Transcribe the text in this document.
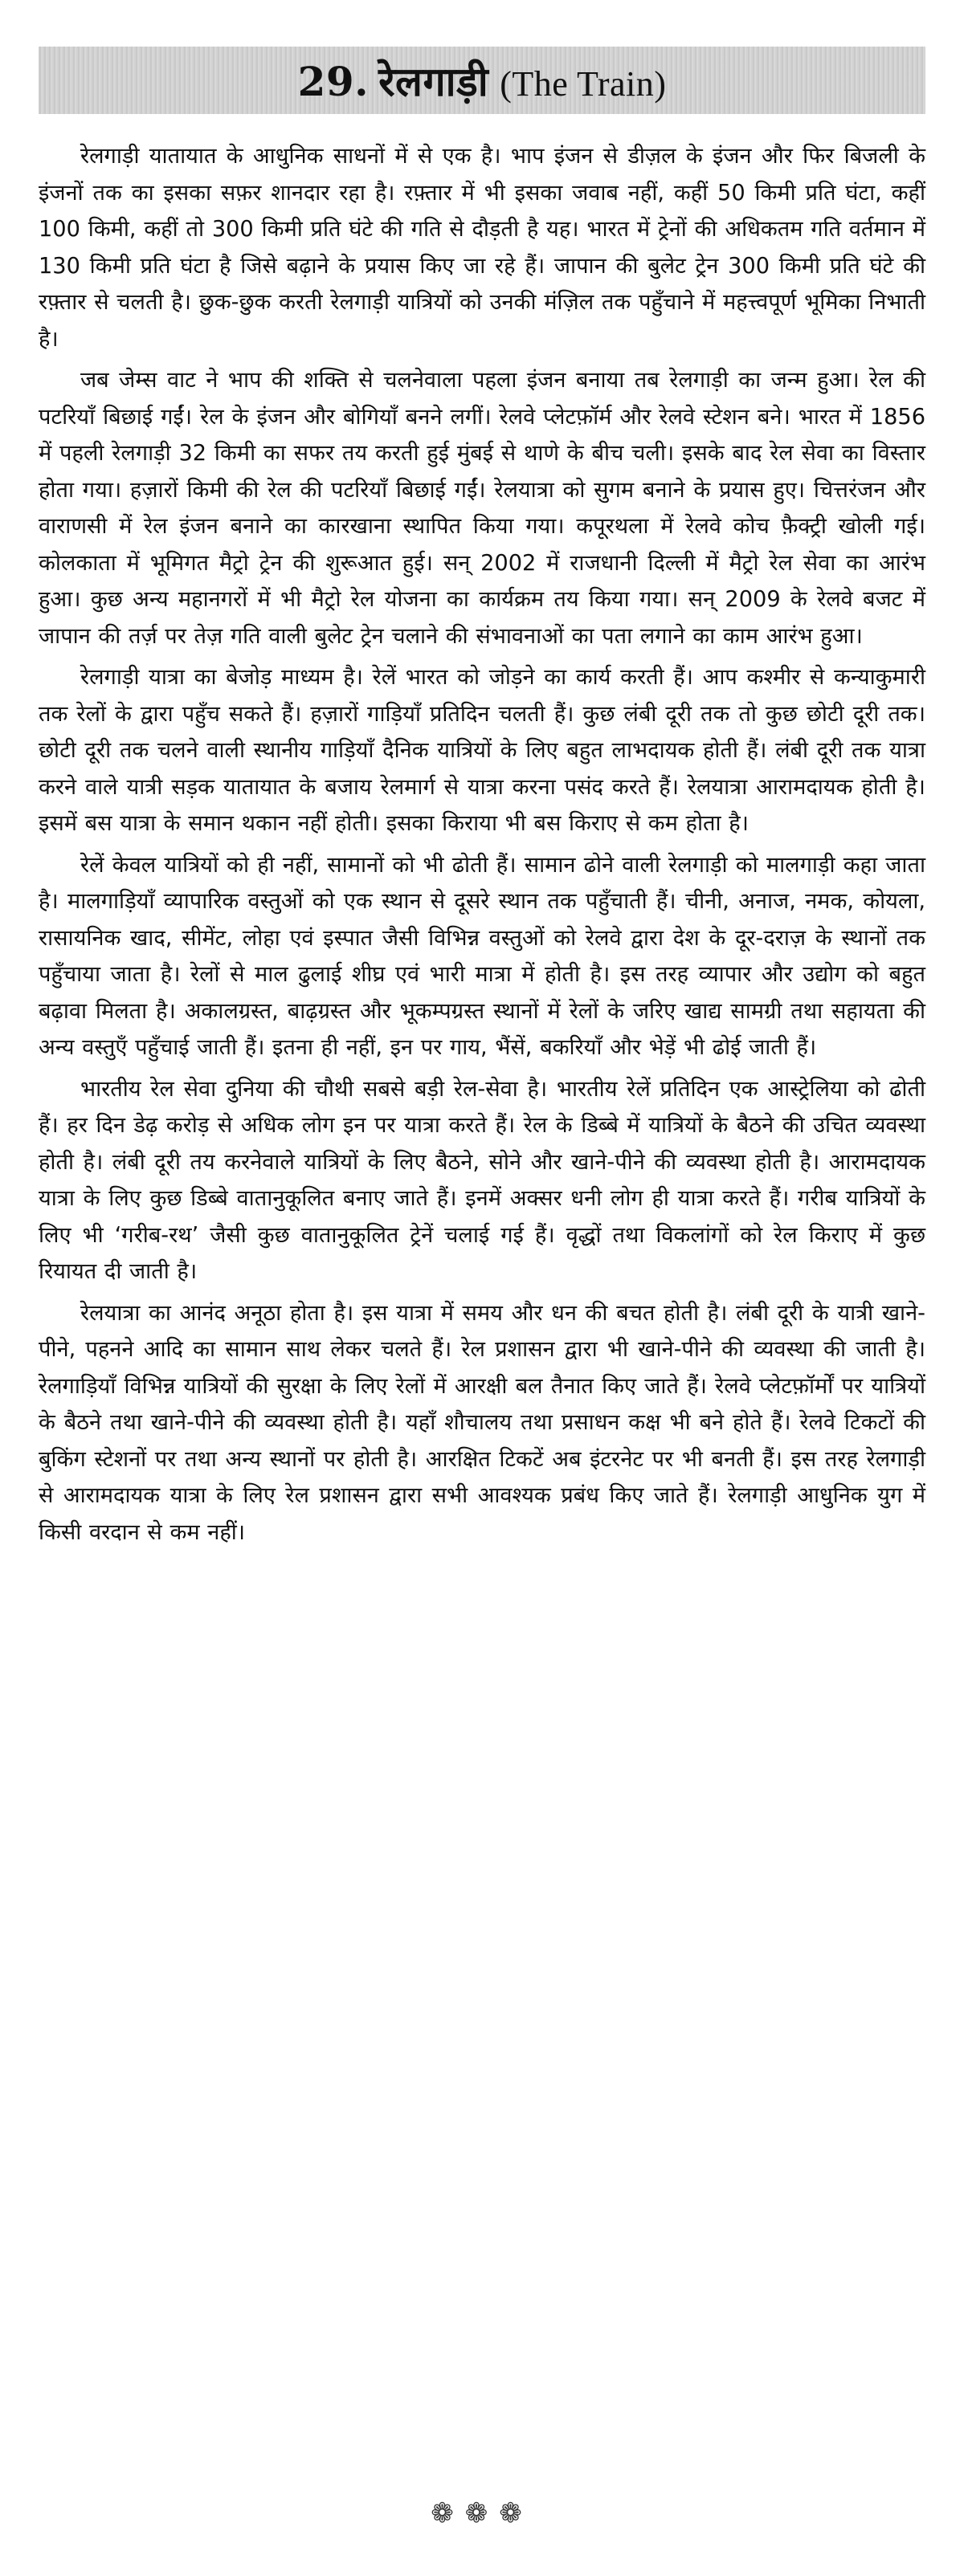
29. रेलगाड़ी (The Train)

रेलगाड़ी यातायात के आधुनिक साधनों में से एक है। भाप इंजन से डीज़ल के इंजन और फिर बिजली के इंजनों तक का इसका सफ़र शानदार रहा है। रफ़्तार में भी इसका जवाब नहीं, कहीं 50 किमी प्रति घंटा, कहीं 100 किमी, कहीं तो 300 किमी प्रति घंटे की गति से दौड़ती है यह। भारत में ट्रेनों की अधिकतम गति वर्तमान में 130 किमी प्रति घंटा है जिसे बढ़ाने के प्रयास किए जा रहे हैं। जापान की बुलेट ट्रेन 300 किमी प्रति घंटे की रफ़्तार से चलती है। छुक-छुक करती रेलगाड़ी यात्रियों को उनकी मंज़िल तक पहुँचाने में महत्त्वपूर्ण भूमिका निभाती है।

जब जेम्स वाट ने भाप की शक्ति से चलनेवाला पहला इंजन बनाया तब रेलगाड़ी का जन्म हुआ। रेल की पटरियाँ बिछाई गईं। रेल के इंजन और बोगियाँ बनने लगीं। रेलवे प्लेटफ़ॉर्म और रेलवे स्टेशन बने। भारत में 1856 में पहली रेलगाड़ी 32 किमी का सफर तय करती हुई मुंबई से थाणे के बीच चली। इसके बाद रेल सेवा का विस्तार होता गया। हज़ारों किमी की रेल की पटरियाँ बिछाई गईं। रेलयात्रा को सुगम बनाने के प्रयास हुए। चित्तरंजन और वाराणसी में रेल इंजन बनाने का कारखाना स्थापित किया गया। कपूरथला में रेलवे कोच फ़ैक्ट्री खोली गई। कोलकाता में भूमिगत मैट्रो ट्रेन की शुरूआत हुई। सन् 2002 में राजधानी दिल्ली में मैट्रो रेल सेवा का आरंभ हुआ। कुछ अन्य महानगरों में भी मैट्रो रेल योजना का कार्यक्रम तय किया गया। सन् 2009 के रेलवे बजट में जापान की तर्ज़ पर तेज़ गति वाली बुलेट ट्रेन चलाने की संभावनाओं का पता लगाने का काम आरंभ हुआ।

रेलगाड़ी यात्रा का बेजोड़ माध्यम है। रेलें भारत को जोड़ने का कार्य करती हैं। आप कश्मीर से कन्याकुमारी तक रेलों के द्वारा पहुँच सकते हैं। हज़ारों गाड़ियाँ प्रतिदिन चलती हैं। कुछ लंबी दूरी तक तो कुछ छोटी दूरी तक। छोटी दूरी तक चलने वाली स्थानीय गाड़ियाँ दैनिक यात्रियों के लिए बहुत लाभदायक होती हैं। लंबी दूरी तक यात्रा करने वाले यात्री सड़क यातायात के बजाय रेलमार्ग से यात्रा करना पसंद करते हैं। रेलयात्रा आरामदायक होती है। इसमें बस यात्रा के समान थकान नहीं होती। इसका किराया भी बस किराए से कम होता है।

रेलें केवल यात्रियों को ही नहीं, सामानों को भी ढोती हैं। सामान ढोने वाली रेलगाड़ी को मालगाड़ी कहा जाता है। मालगाड़ियाँ व्यापारिक वस्तुओं को एक स्थान से दूसरे स्थान तक पहुँचाती हैं। चीनी, अनाज, नमक, कोयला, रासायनिक खाद, सीमेंट, लोहा एवं इस्पात जैसी विभिन्न वस्तुओं को रेलवे द्वारा देश के दूर-दराज़ के स्थानों तक पहुँचाया जाता है। रेलों से माल ढुलाई शीघ्र एवं भारी मात्रा में होती है। इस तरह व्यापार और उद्योग को बहुत बढ़ावा मिलता है। अकालग्रस्त, बाढ़ग्रस्त और भूकम्पग्रस्त स्थानों में रेलों के जरिए खाद्य सामग्री तथा सहायता की अन्य वस्तुएँ पहुँचाई जाती हैं। इतना ही नहीं, इन पर गाय, भैंसें, बकरियाँ और भेड़ें भी ढोई जाती हैं।

भारतीय रेल सेवा दुनिया की चौथी सबसे बड़ी रेल-सेवा है। भारतीय रेलें प्रतिदिन एक आस्ट्रेलिया को ढोती हैं। हर दिन डेढ़ करोड़ से अधिक लोग इन पर यात्रा करते हैं। रेल के डिब्बे में यात्रियों के बैठने की उचित व्यवस्था होती है। लंबी दूरी तय करनेवाले यात्रियों के लिए बैठने, सोने और खाने-पीने की व्यवस्था होती है। आरामदायक यात्रा के लिए कुछ डिब्बे वातानुकूलित बनाए जाते हैं। इनमें अक्सर धनी लोग ही यात्रा करते हैं। गरीब यात्रियों के लिए भी ‘गरीब-रथ’ जैसी कुछ वातानुकूलित ट्रेनें चलाई गई हैं। वृद्धों तथा विकलांगों को रेल किराए में कुछ रियायत दी जाती है।

रेलयात्रा का आनंद अनूठा होता है। इस यात्रा में समय और धन की बचत होती है। लंबी दूरी के यात्री खाने-पीने, पहनने आदि का सामान साथ लेकर चलते हैं। रेल प्रशासन द्वारा भी खाने-पीने की व्यवस्था की जाती है। रेलगाड़ियाँ विभिन्न यात्रियों की सुरक्षा के लिए रेलों में आरक्षी बल तैनात किए जाते हैं। रेलवे प्लेटफ़ॉर्मों पर यात्रियों के बैठने तथा खाने-पीने की व्यवस्था होती है। यहाँ शौचालय तथा प्रसाधन कक्ष भी बने होते हैं। रेलवे टिकटों की बुकिंग स्टेशनों पर तथा अन्य स्थानों पर होती है। आरक्षित टिकटें अब इंटरनेट पर भी बनती हैं। इस तरह रेलगाड़ी से आरामदायक यात्रा के लिए रेल प्रशासन द्वारा सभी आवश्यक प्रबंध किए जाते हैं। रेलगाड़ी आधुनिक युग में किसी वरदान से कम नहीं।

❁❁❁
